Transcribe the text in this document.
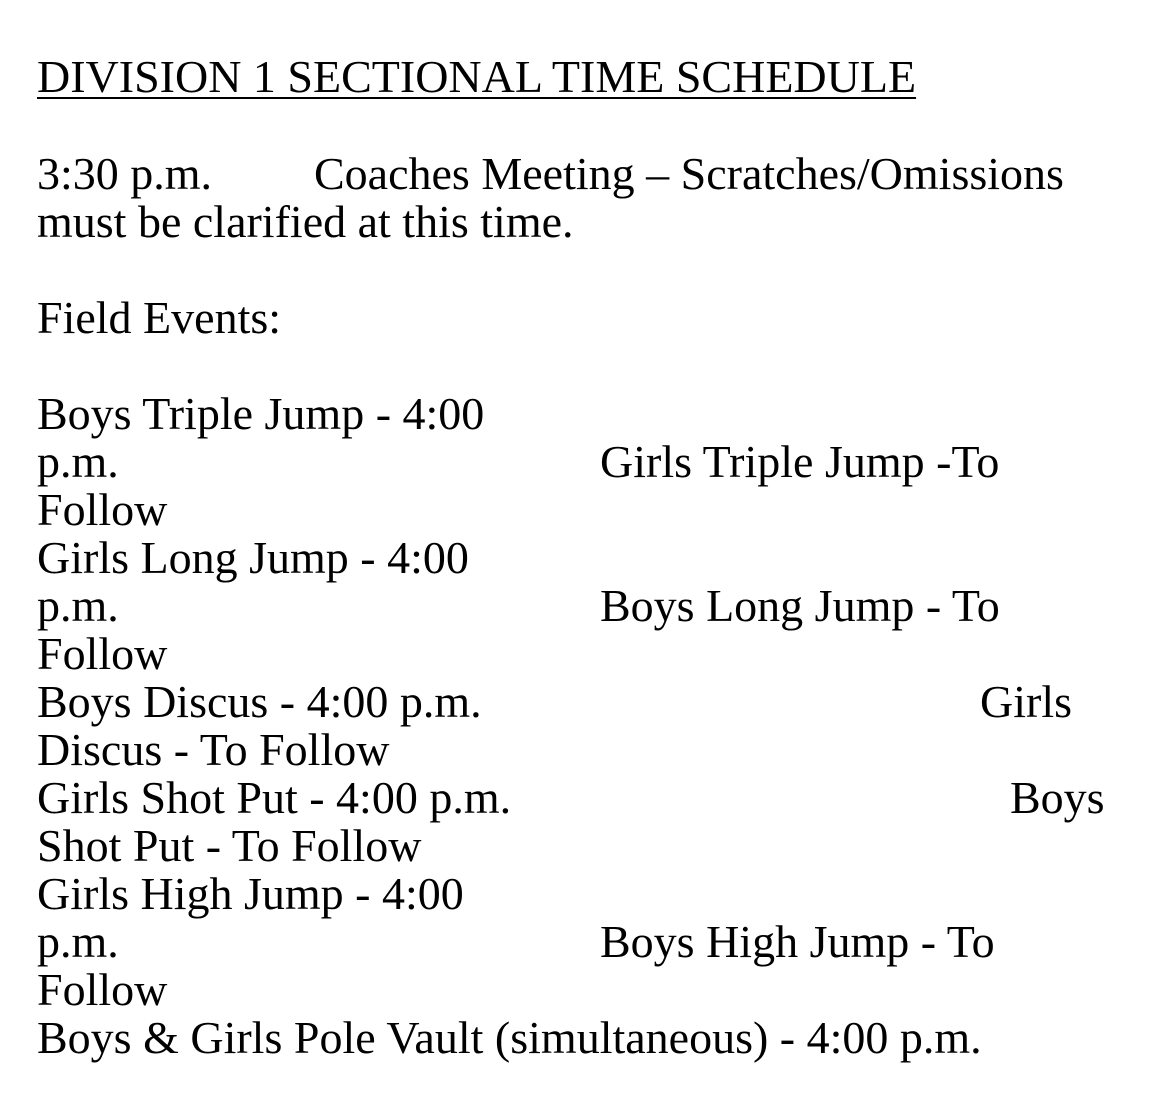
DIVISION 1 SECTIONAL TIME SCHEDULE
3:30 p.m. Coaches Meeting – Scratches/Omissions
must be clarified at this time.
Field Events:
Boys Triple Jump - 4:00
p.m.	Girls Triple Jump -To
Follow
Girls Long Jump - 4:00
p.m.	Boys Long Jump - To
Follow
Boys Discus - 4:00 p.m.	Girls
Discus - To Follow
Girls Shot Put - 4:00 p.m.	Boys
Shot Put - To Follow
Girls High Jump - 4:00
p.m.	Boys High Jump - To
Follow
Boys & Girls Pole Vault (simultaneous) - 4:00 p.m.
